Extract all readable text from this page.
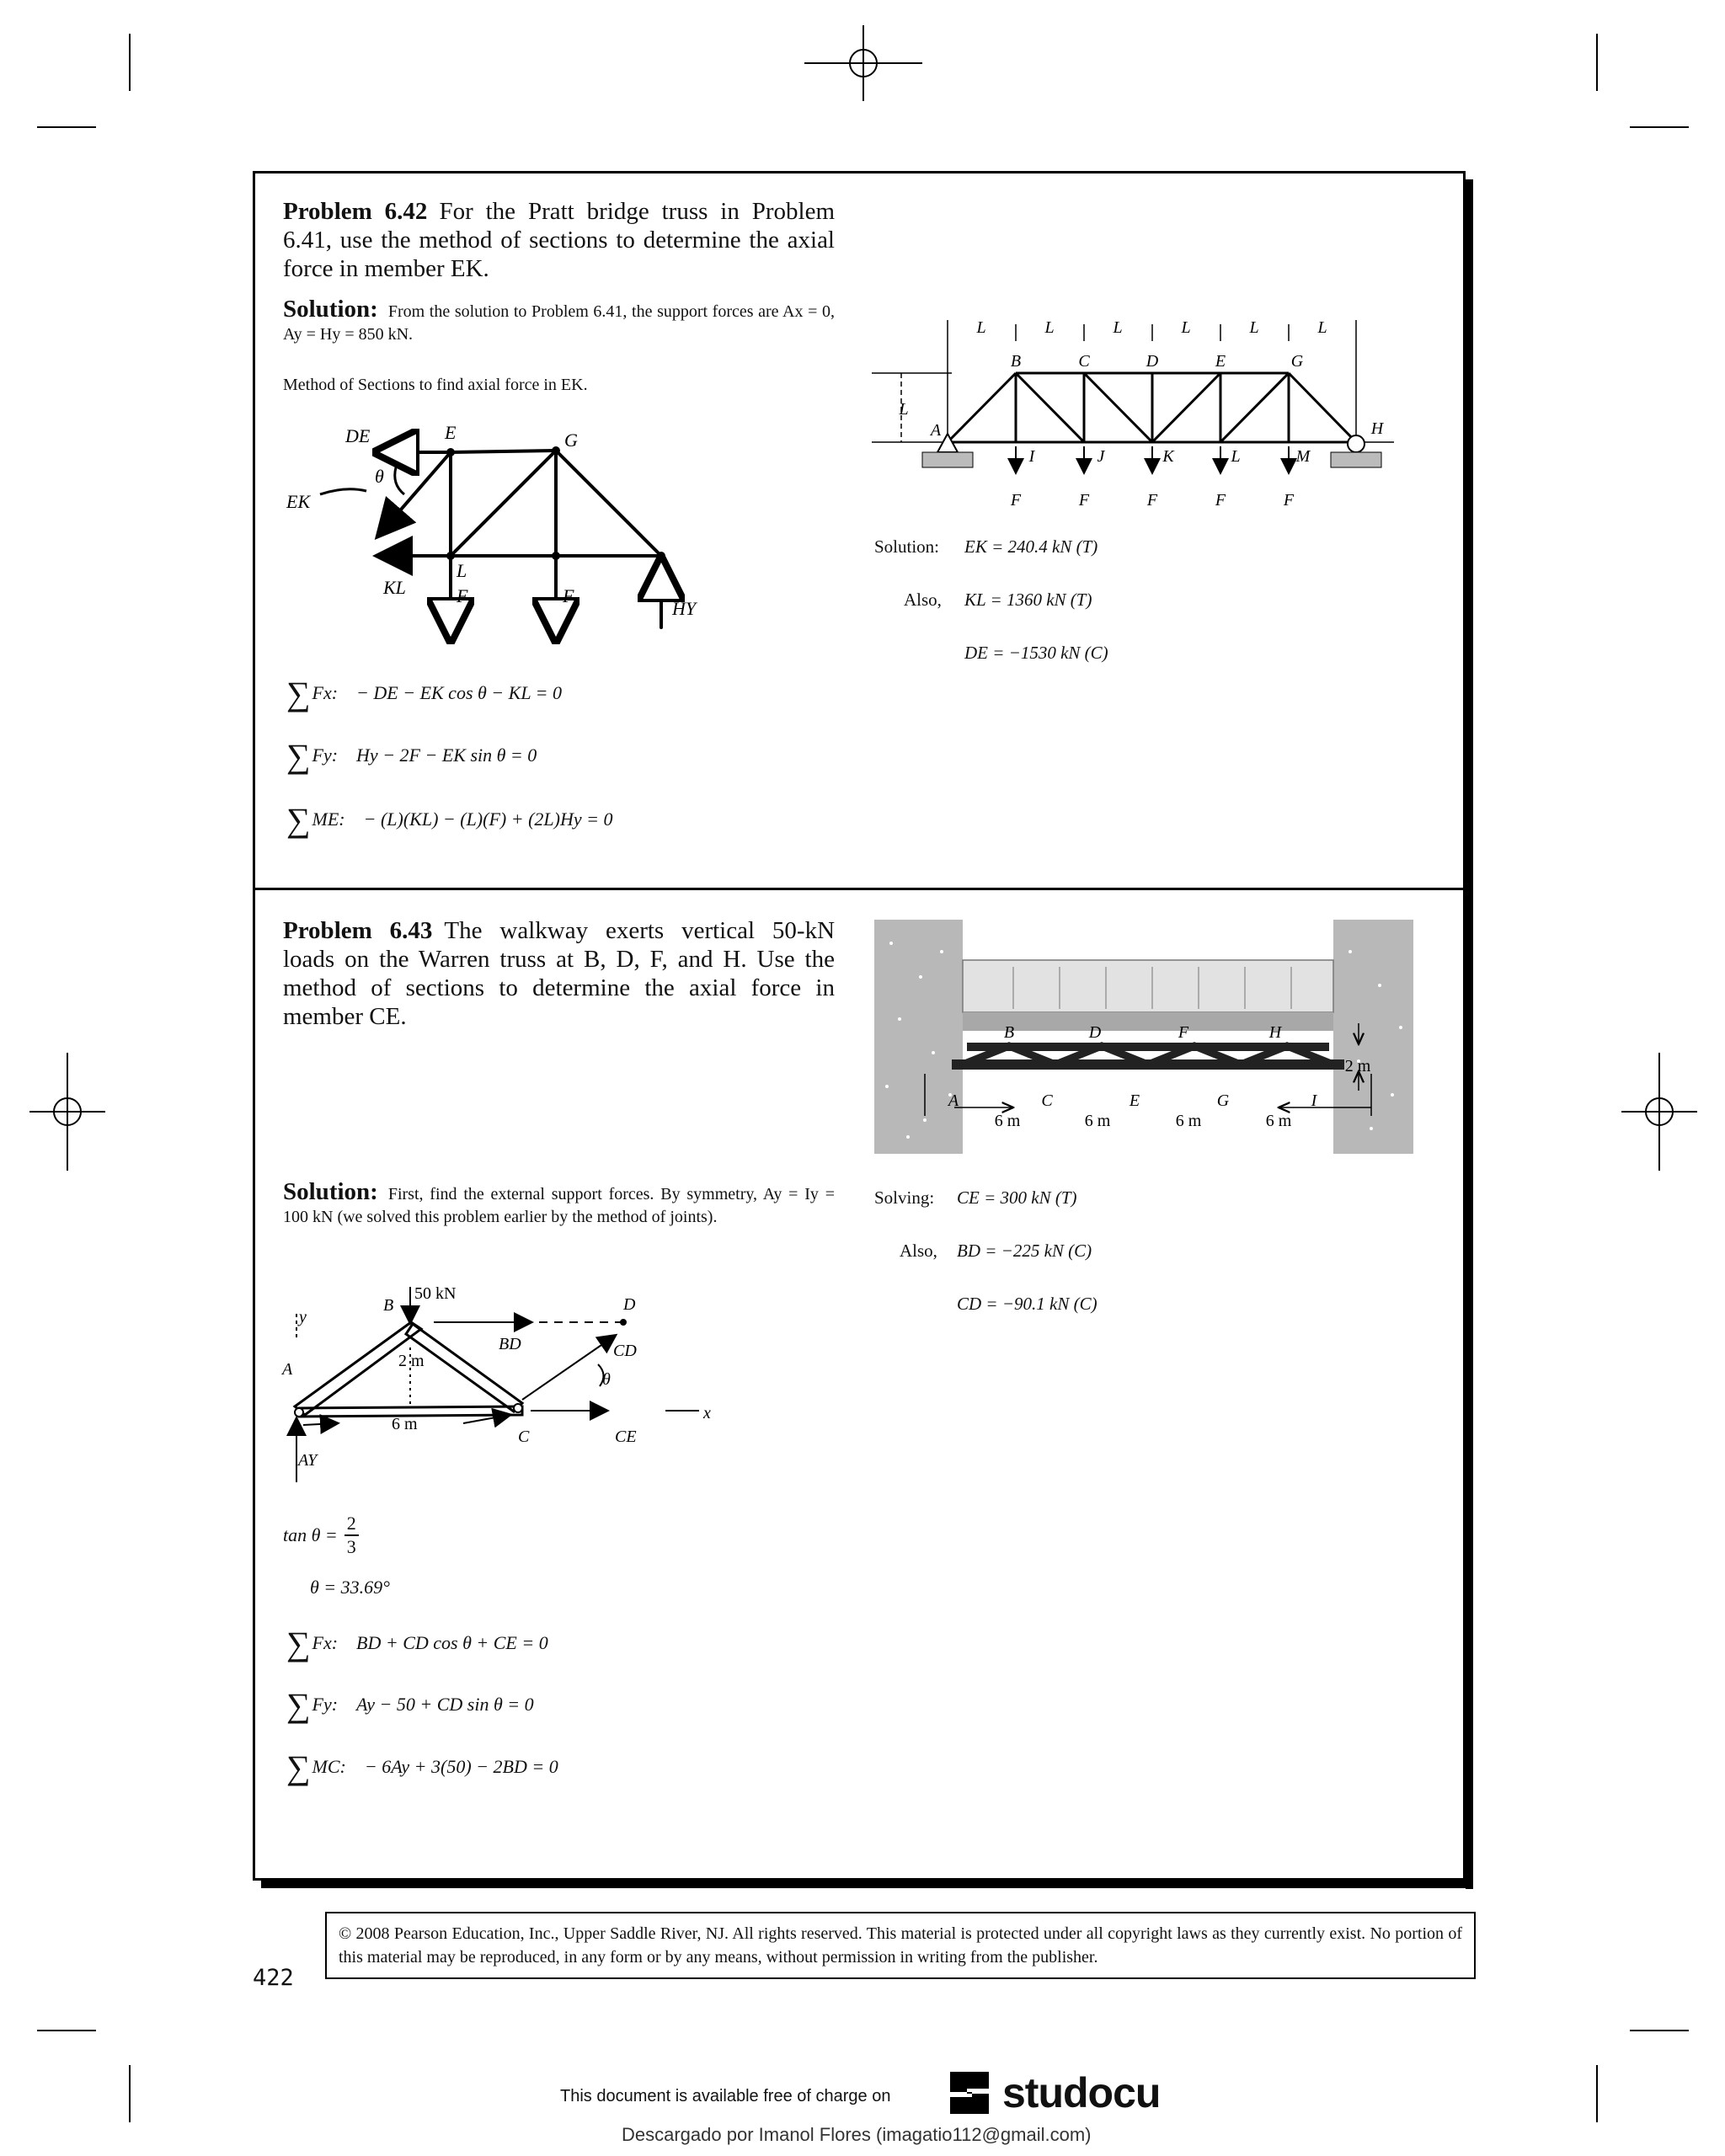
Problem 6.42 For the Pratt bridge truss in Problem 6.41, use the method of sections to determine the axial force in member EK.
Solution: From the solution to Problem 6.41, the support forces are Ax = 0, Ay = Hy = 850 kN.
Method of Sections to find axial force in EK.
DE	E	G
θ
EK
L
KL	F	F
HY
∑Fx: − DE − EK cos θ − KL = 0
∑Fy: Hy − 2F − EK sin θ = 0
∑ME: − (L)(KL) − (L)(F) + (2L)Hy = 0
L	L	L	L	L	L
B	C	D	E	G
I	J	K	L	M
A	H
L
F	F	F	F	F
Solution: EK = 240.4 kN (T)
Also, KL = 1360 kN (T)
DE = −1530 kN (C)
Problem 6.43 The walkway exerts vertical 50-kN loads on the Warren truss at B, D, F, and H. Use the method of sections to determine the axial force in member CE.
B	D	F	H
A	C	E	G	I
2 m
6 m	6 m	6 m	6 m
Solution: First, find the external support forces. By symmetry, Ay = Iy = 100 kN (we solved this problem earlier by the method of joints).
B	D
y
BD	CD
A
θ
C	CE
x
AY
50 kN
2 m
6 m
$\tan \theta = \frac{2}{3}$
θ = 33.69°
∑Fx: BD + CD cos θ + CE = 0
∑Fy: Ay − 50 + CD sin θ = 0
∑MC: − 6Ay + 3(50) − 2BD = 0
Solving: CE = 300 kN (T)
Also, BD = −225 kN (C)
CD = −90.1 kN (C)
© 2008 Pearson Education, Inc., Upper Saddle River, NJ. All rights reserved. This material is protected under all copyright laws as they currently exist. No portion of this material may be reproduced, in any form or by any means, without permission in writing from the publisher.
422
This document is available free of charge on	studocu
Descargado por Imanol Flores (imagatio112@gmail.com)
